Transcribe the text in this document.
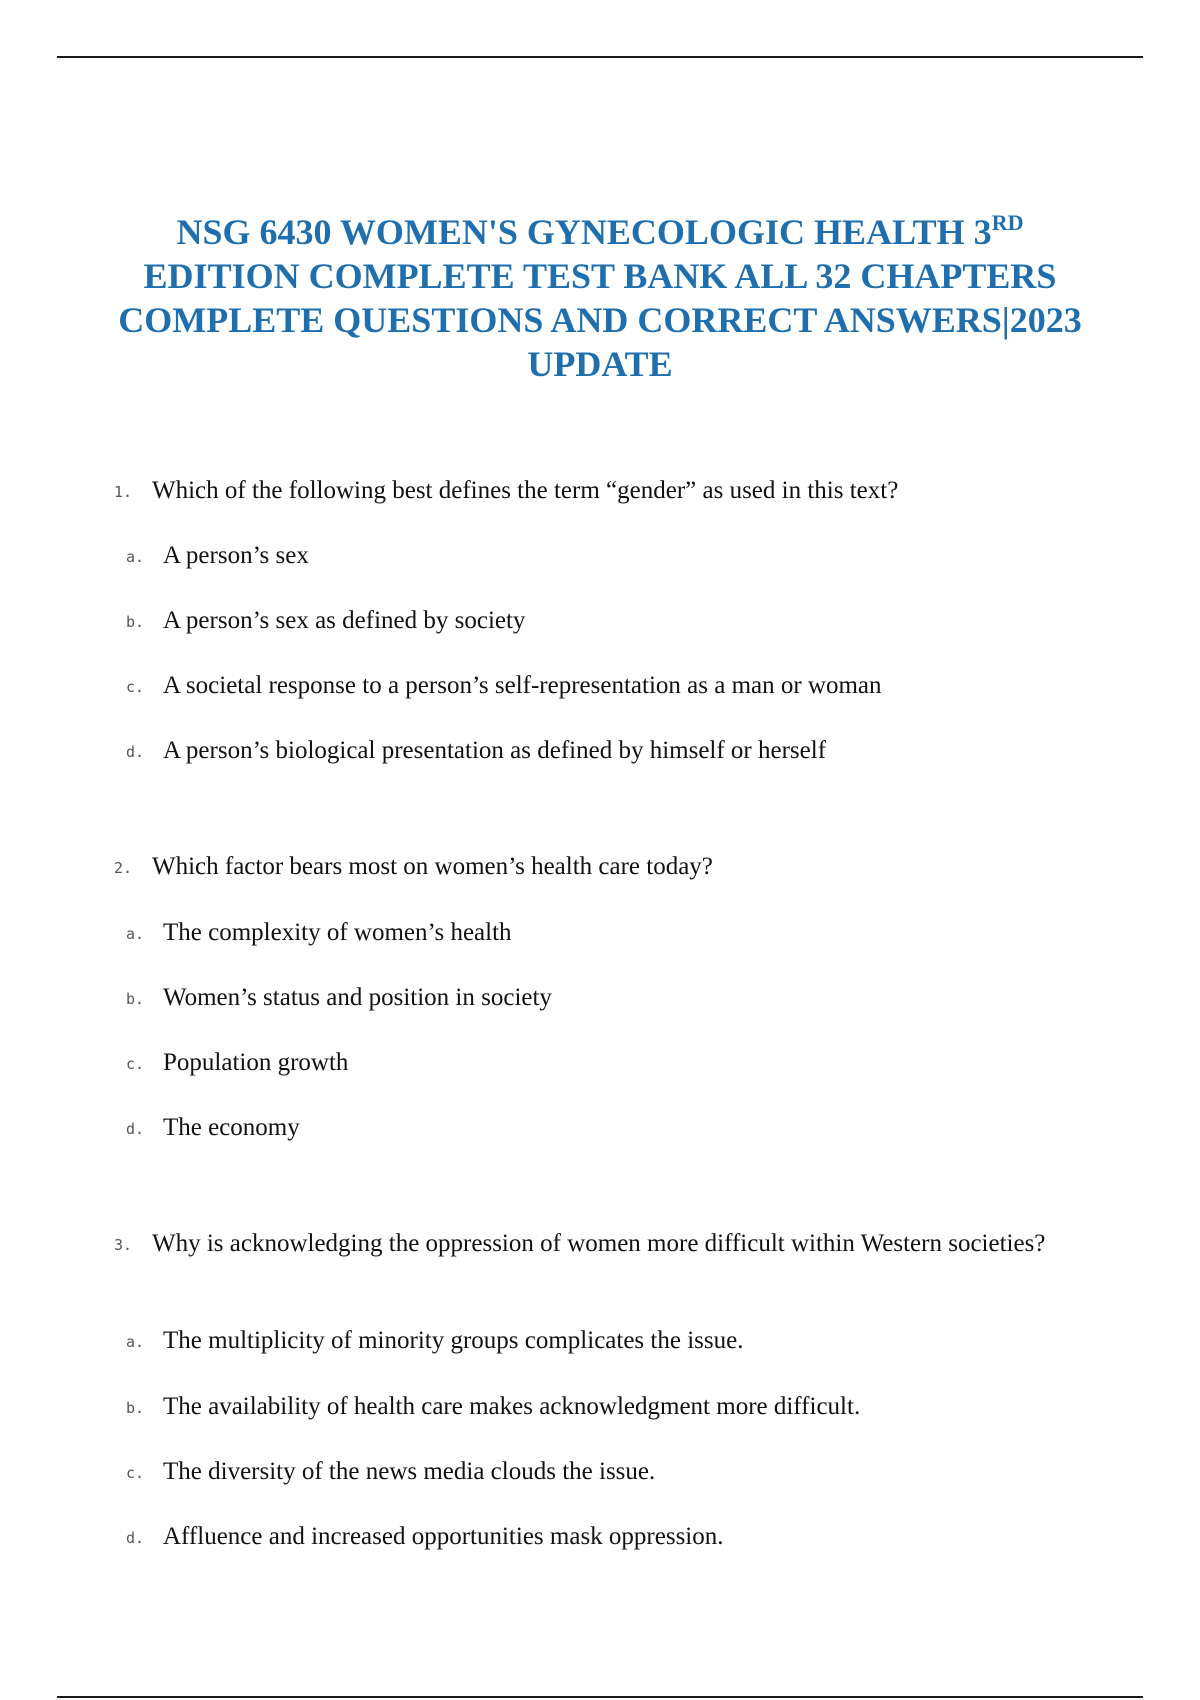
NSG 6430 WOMEN'S GYNECOLOGIC HEALTH 3RD
EDITION COMPLETE TEST BANK ALL 32 CHAPTERS
COMPLETE QUESTIONS AND CORRECT ANSWERS|2023
UPDATE
1. Which of the following best defines the term “gender” as used in this text?
a. A person’s sex
b. A person’s sex as defined by society
c. A societal response to a person’s self-representation as a man or woman
d. A person’s biological presentation as defined by himself or herself
2. Which factor bears most on women’s health care today?
a. The complexity of women’s health
b. Women’s status and position in society
c. Population growth
d. The economy
3. Why is acknowledging the oppression of women more difficult within Western societies?
a. The multiplicity of minority groups complicates the issue.
b. The availability of health care makes acknowledgment more difficult.
c. The diversity of the news media clouds the issue.
d. Affluence and increased opportunities mask oppression.
